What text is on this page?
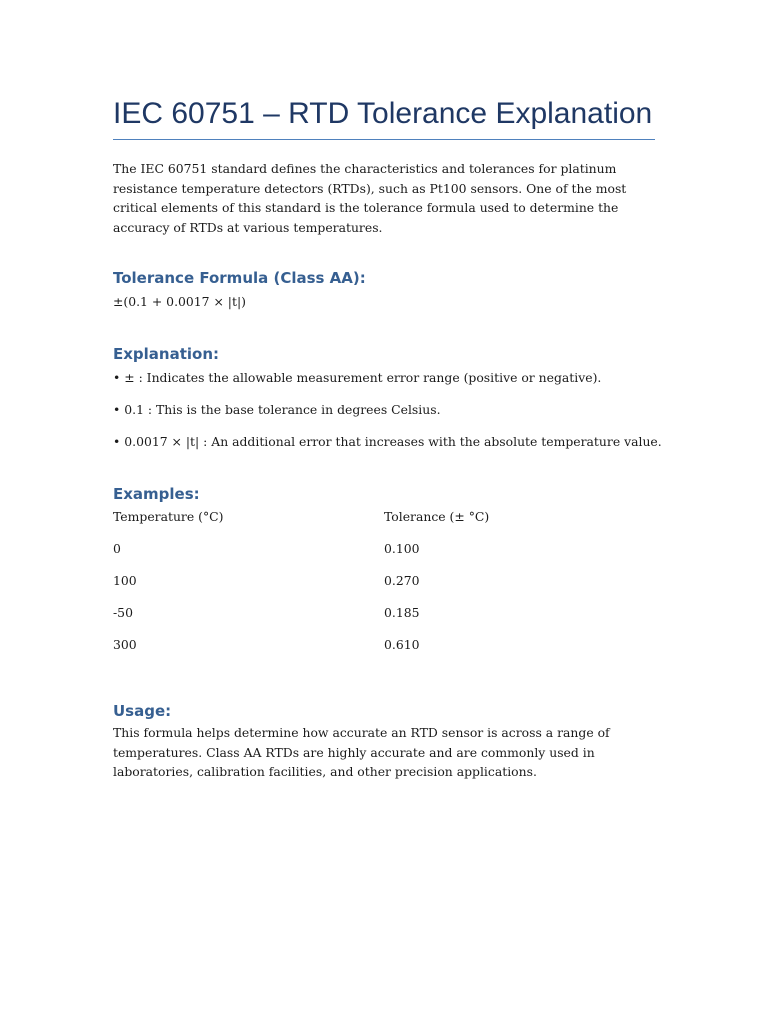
IEC 60751 – RTD Tolerance Explanation

The IEC 60751 standard defines the characteristics and tolerances for platinum resistance temperature detectors (RTDs), such as Pt100 sensors. One of the most critical elements of this standard is the tolerance formula used to determine the accuracy of RTDs at various temperatures.

Tolerance Formula (Class AA):

±(0.1 + 0.0017 × |t|)

Explanation:

• ± : Indicates the allowable measurement error range (positive or negative).

• 0.1 : This is the base tolerance in degrees Celsius.

• 0.0017 × |t| : An additional error that increases with the absolute temperature value.

Examples:

Temperature (°C)	Tolerance (± °C)

0	0.100

100	0.270

-50	0.185

300	0.610

Usage:

This formula helps determine how accurate an RTD sensor is across a range of temperatures. Class AA RTDs are highly accurate and are commonly used in laboratories, calibration facilities, and other precision applications.
